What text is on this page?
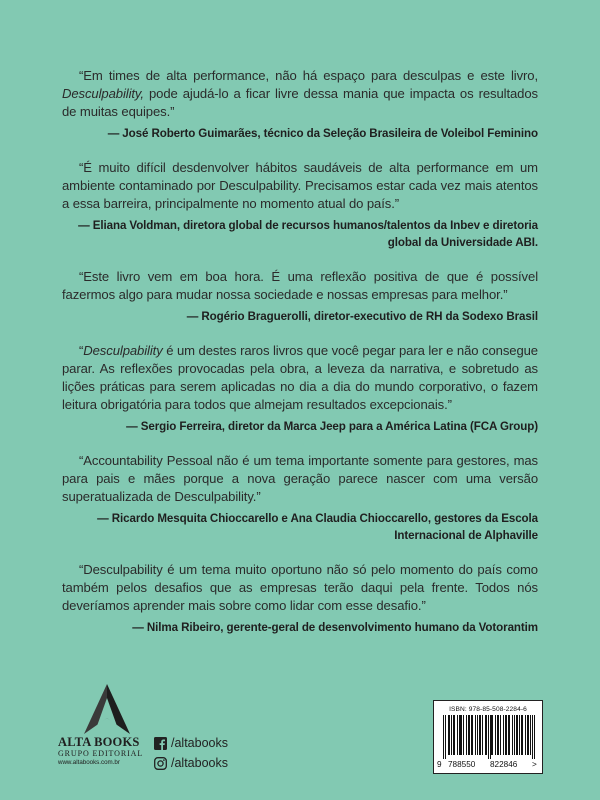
“Em times de alta performance, não há espaço para desculpas e este livro, Desculpability, pode ajudá-lo a ficar livre dessa mania que impacta os resultados de muitas equipes.”
— José Roberto Guimarães, técnico da Seleção Brasileira de Voleibol Feminino
“É muito difícil desdenvolver hábitos saudáveis de alta performance em um ambiente contaminado por Desculpability. Precisamos estar cada vez mais atentos a essa barreira, principalmente no momento atual do país.”
— Eliana Voldman, diretora global de recursos humanos/talentos da Inbev e diretoria global da Universidade ABI.
“Este livro vem em boa hora. É uma reflexão positiva de que é possível fazermos algo para mudar nossa sociedade e nossas empresas para melhor.”
— Rogério Braguerolli, diretor-executivo de RH da Sodexo Brasil
“Desculpability é um destes raros livros que você pegar para ler e não consegue parar. As reflexões provocadas pela obra, a leveza da narrativa, e sobretudo as lições práticas para serem aplicadas no dia a dia do mundo corporativo, o fazem leitura obrigatória para todos que almejam resultados excepcionais.”
— Sergio Ferreira, diretor da Marca Jeep para a América Latina (FCA Group)
“Accountability Pessoal não é um tema importante somente para gestores, mas para pais e mães porque a nova geração parece nascer com uma versão superatualizada de Desculpability.”
— Ricardo Mesquita Chioccarello e Ana Claudia Chioccarello, gestores da Escola Internacional de Alphaville
“Desculpability é um tema muito oportuno não só pelo momento do país como também pelos desafios que as empresas terão daqui pela frente. Todos nós deveríamos aprender mais sobre como lidar com esse desafio.”
— Nilma Ribeiro, gerente-geral de desenvolvimento humano da Votorantim
ALTA BOOKS
GRUPO EDITORIAL
www.altabooks.com.br
/altabooks
/altabooks
ISBN: 978-85-508-2284-6
9 788550 822846 >
